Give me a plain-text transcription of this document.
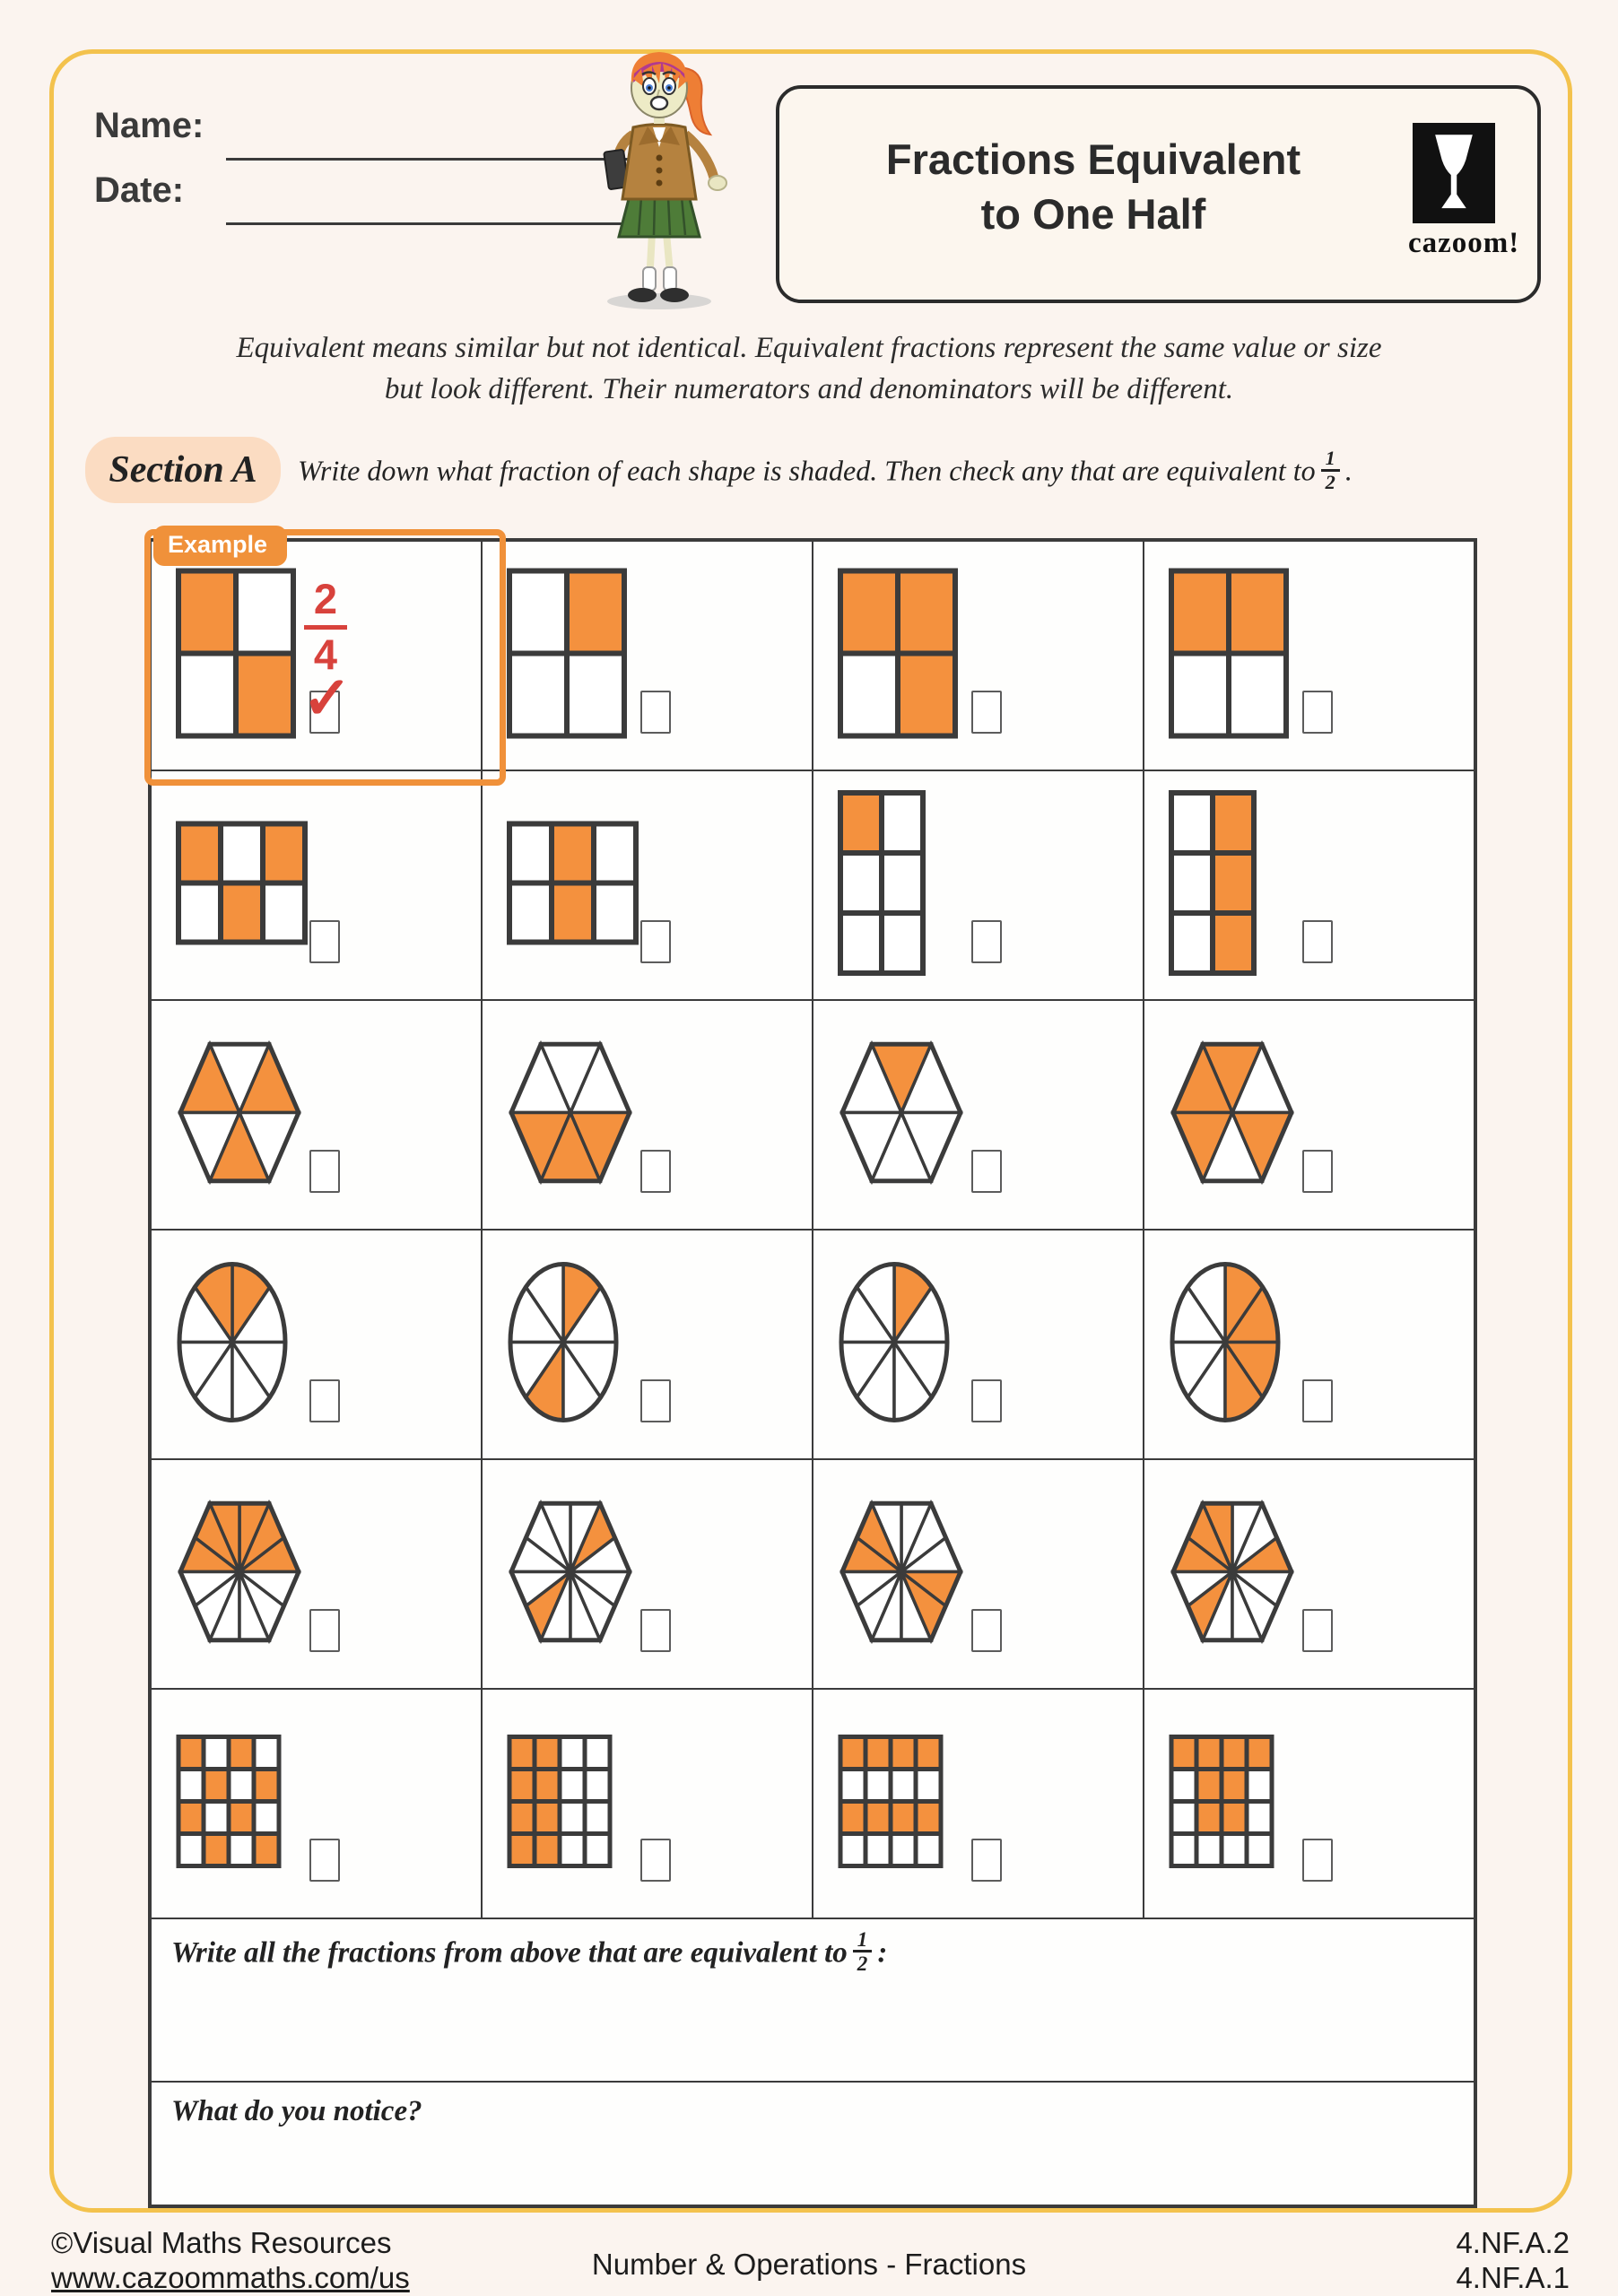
Name:
Date:
Fractions Equivalent
to One Half
cazoom!
Equivalent means similar but not identical. Equivalent fractions represent the same value or size
but look different. Their numerators and denominators will be different.
Section A	Write down what fraction of each shape is shaded. Then check any that are equivalent to $\frac{1}{2}$ .
Example
$\frac{2}{4}$
✓
Write all the fractions from above that are equivalent to $\frac{1}{2}$ :
What do you notice?
©Visual Maths Resources
www.cazoommaths.com/us	Number & Operations - Fractions
4.NF.A.2
4.NF.A.1
